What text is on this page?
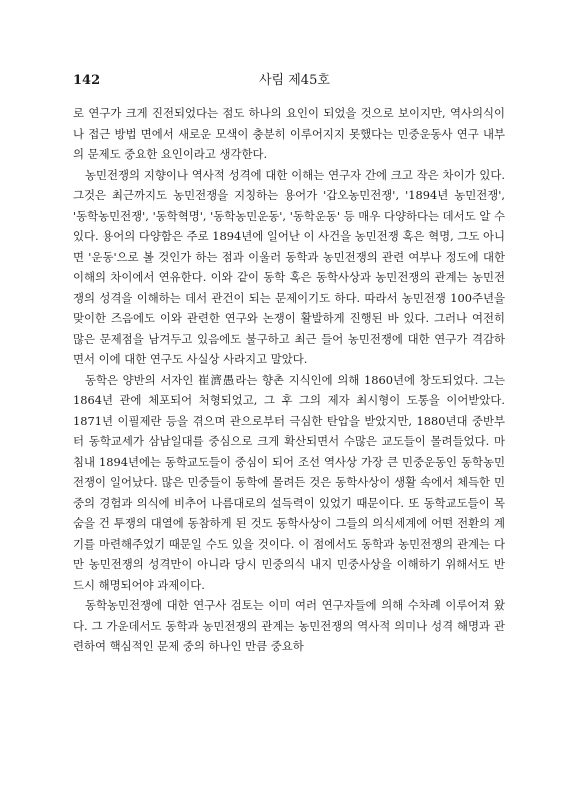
142	사림 제45호

로 연구가 크게 진전되었다는 점도 하나의 요인이 되었을 것으로 보이지만, 역사의식이나 접근 방법 면에서 새로운 모색이 충분히 이루어지지 못했다는 민중운동사 연구 내부의 문제도 중요한 요인이라고 생각한다.

농민전쟁의 지향이나 역사적 성격에 대한 이해는 연구자 간에 크고 작은 차이가 있다. 그것은 최근까지도 농민전쟁을 지칭하는 용어가 '갑오농민전쟁', '1894년 농민전쟁', '동학농민전쟁', '동학혁명', '동학농민운동', '동학운동' 등 매우 다양하다는 데서도 알 수 있다. 용어의 다양함은 주로 1894년에 일어난 이 사건을 농민전쟁 혹은 혁명, 그도 아니면 '운동'으로 볼 것인가 하는 점과 이울러 동학과 농민전쟁의 관련 여부나 정도에 대한 이해의 차이에서 연유한다. 이와 같이 동학 혹은 동학사상과 농민전쟁의 관계는 농민전쟁의 성격을 이해하는 데서 관건이 되는 문제이기도 하다. 따라서 농민전쟁 100주년을 맞이한 즈음에도 이와 관련한 연구와 논쟁이 활발하게 진행된 바 있다. 그러나 여전히 많은 문제점을 남겨두고 있음에도 불구하고 최근 들어 농민전쟁에 대한 연구가 격감하면서 이에 대한 연구도 사실상 사라지고 말았다.

동학은 양반의 서자인 崔濟愚라는 향촌 지식인에 의해 1860년에 창도되었다. 그는 1864년 관에 체포되어 처형되었고, 그 후 그의 제자 최시형이 도통을 이어받았다. 1871년 이필제란 등을 겪으며 관으로부터 극심한 탄압을 받았지만, 1880년대 중반부터 동학교세가 삼남일대를 중심으로 크게 확산되면서 수많은 교도들이 몰려들었다. 마침내 1894년에는 동학교도들이 중심이 되어 조선 역사상 가장 큰 민중운동인 동학농민전쟁이 일어났다. 많은 민중들이 동학에 몰려든 것은 동학사상이 생활 속에서 체득한 민중의 경험과 의식에 비추어 나름대로의 설득력이 있었기 때문이다. 또 동학교도들이 목숨을 건 투쟁의 대열에 동참하게 된 것도 동학사상이 그들의 의식세계에 어떤 전환의 계기를 마련해주었기 때문일 수도 있을 것이다. 이 점에서도 동학과 농민전쟁의 관계는 다만 농민전쟁의 성격만이 아니라 당시 민중의식 내지 민중사상을 이해하기 위해서도 반드시 해명되어야 과제이다.

동학농민전쟁에 대한 연구사 검토는 이미 여러 연구자들에 의해 수차례 이루어져 왔다. 그 가운데서도 동학과 농민전쟁의 관계는 농민전쟁의 역사적 의미나 성격 해명과 관련하여 핵심적인 문제 중의 하나인 만큼 중요하
